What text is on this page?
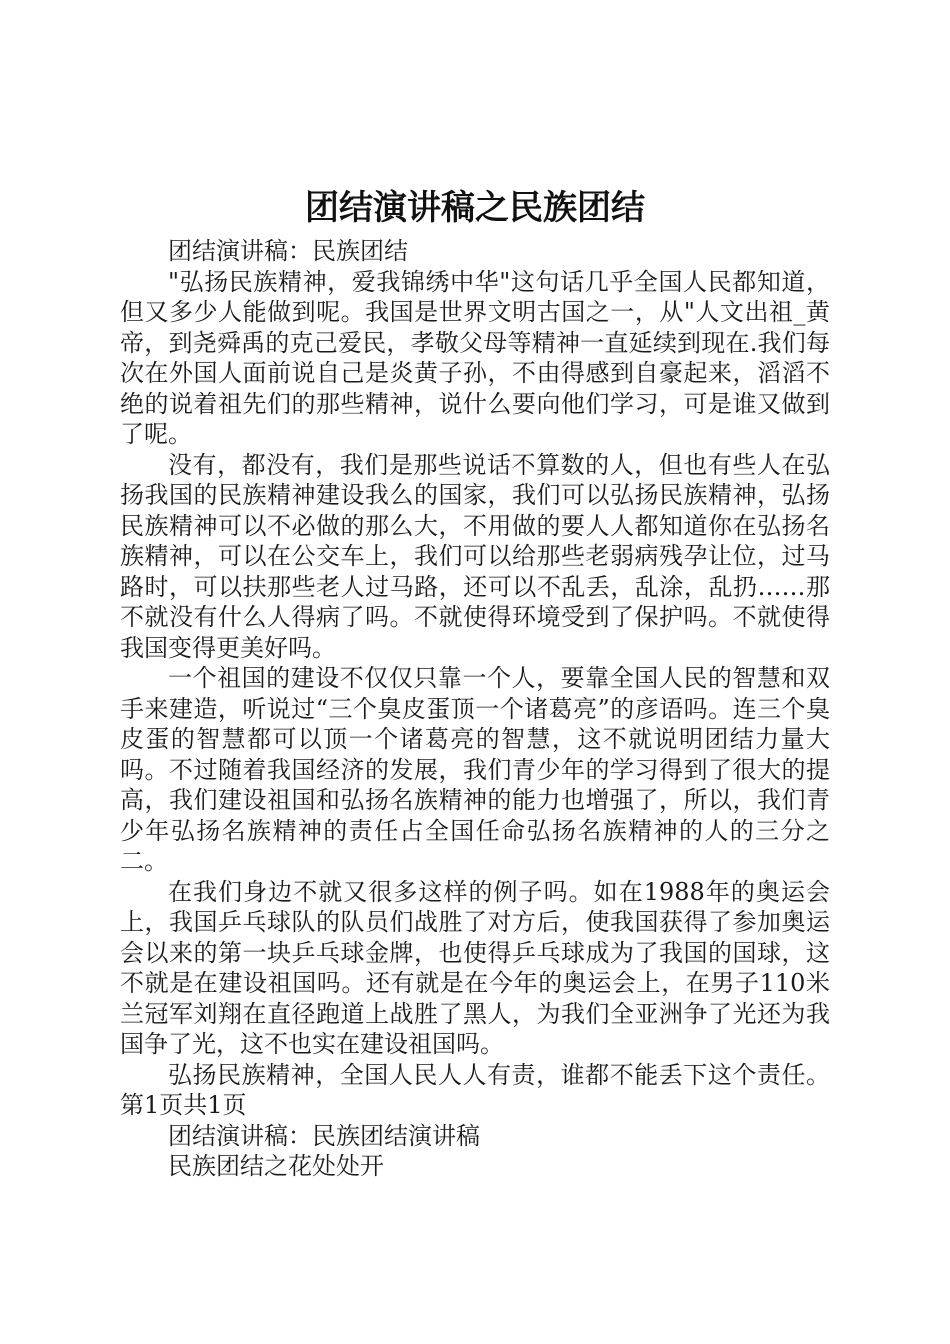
团结演讲稿之民族团结

团结演讲稿：民族团结

"弘扬民族精神，爱我锦绣中华"这句话几乎全国人民都知道，但又多少人能做到呢。我国是世界文明古国之一，从"人文出祖_黄帝，到尧舜禹的克己爱民，孝敬父母等精神一直延续到现在.我们每次在外国人面前说自己是炎黄子孙，不由得感到自豪起来，滔滔不绝的说着祖先们的那些精神，说什么要向他们学习，可是谁又做到了呢。

没有，都没有，我们是那些说话不算数的人，但也有些人在弘扬我国的民族精神建设我么的国家，我们可以弘扬民族精神，弘扬民族精神可以不必做的那么大，不用做的要人人都知道你在弘扬名族精神，可以在公交车上，我们可以给那些老弱病残孕让位，过马路时，可以扶那些老人过马路，还可以不乱丢，乱涂，乱扔……那不就没有什么人得病了吗。不就使得环境受到了保护吗。不就使得我国变得更美好吗。

一个祖国的建设不仅仅只靠一个人，要靠全国人民的智慧和双手来建造，听说过“三个臭皮蛋顶一个诸葛亮”的彦语吗。连三个臭皮蛋的智慧都可以顶一个诸葛亮的智慧，这不就说明团结力量大吗。不过随着我国经济的发展，我们青少年的学习得到了很大的提高，我们建设祖国和弘扬名族精神的能力也增强了，所以，我们青少年弘扬名族精神的责任占全国任命弘扬名族精神的人的三分之二。

在我们身边不就又很多这样的例子吗。如在1988年的奥运会上，我国乒乓球队的队员们战胜了对方后，使我国获得了参加奥运会以来的第一块乒乓球金牌，也使得乒乓球成为了我国的国球，这不就是在建设祖国吗。还有就是在今年的奥运会上，在男子110米兰冠军刘翔在直径跑道上战胜了黑人，为我们全亚洲争了光还为我国争了光，这不也实在建设祖国吗。

弘扬民族精神，全国人民人人有责，谁都不能丢下这个责任。第1页共1页

团结演讲稿：民族团结演讲稿

民族团结之花处处开
